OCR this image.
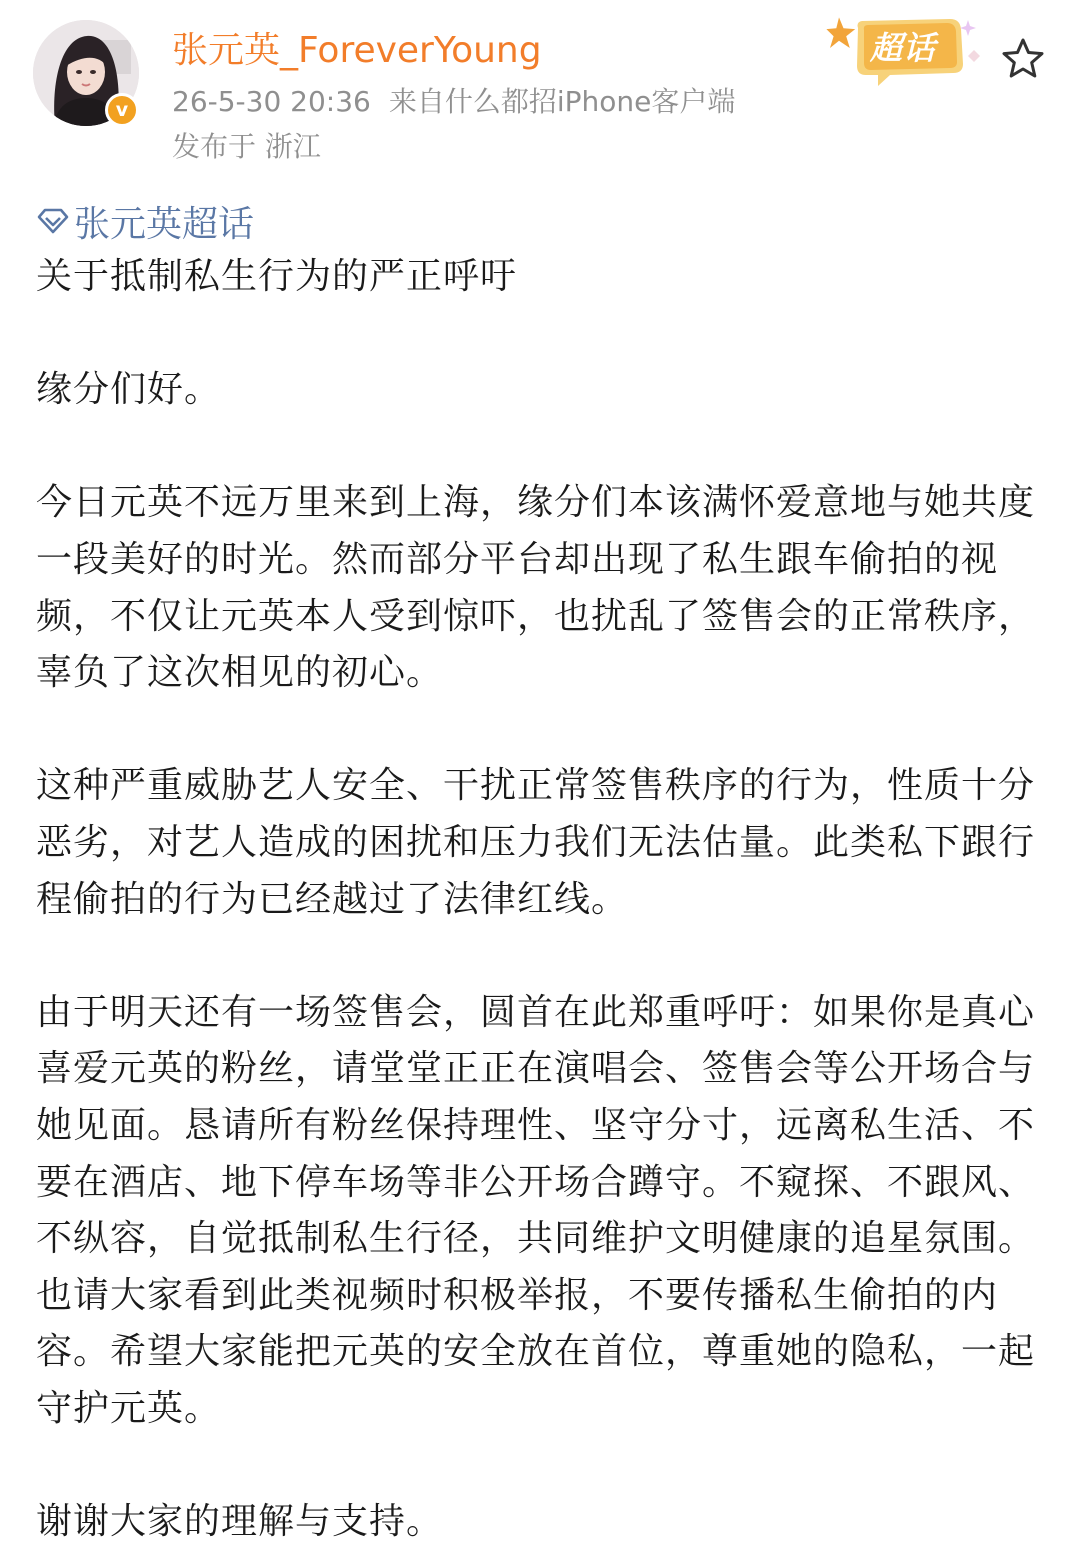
v
张元英_ForeverYoung
26-5-30 20:36 来自什么都招iPhone客户端
发布于 浙江
超话
张元英超话

关于抵制私生行为的严正呼吁

缘分们好。

今日元英不远万里来到上海，缘分们本该满怀爱意地与她共度一段美好的时光。然而部分平台却出现了私生跟车偷拍的视频，不仅让元英本人受到惊吓，也扰乱了签售会的正常秩序，辜负了这次相见的初心。

这种严重威胁艺人安全、干扰正常签售秩序的行为，性质十分恶劣，对艺人造成的困扰和压力我们无法估量。此类私下跟行程偷拍的行为已经越过了法律红线。

由于明天还有一场签售会，圆首在此郑重呼吁：如果你是真心喜爱元英的粉丝，请堂堂正正在演唱会、签售会等公开场合与她见面。恳请所有粉丝保持理性、坚守分寸，远离私生活、不要在酒店、地下停车场等非公开场合蹲守。不窥探、不跟风、不纵容，自觉抵制私生行径，共同维护文明健康的追星氛围。也请大家看到此类视频时积极举报，不要传播私生偷拍的内容。希望大家能把元英的安全放在首位，尊重她的隐私，一起守护元英。

谢谢大家的理解与支持。
